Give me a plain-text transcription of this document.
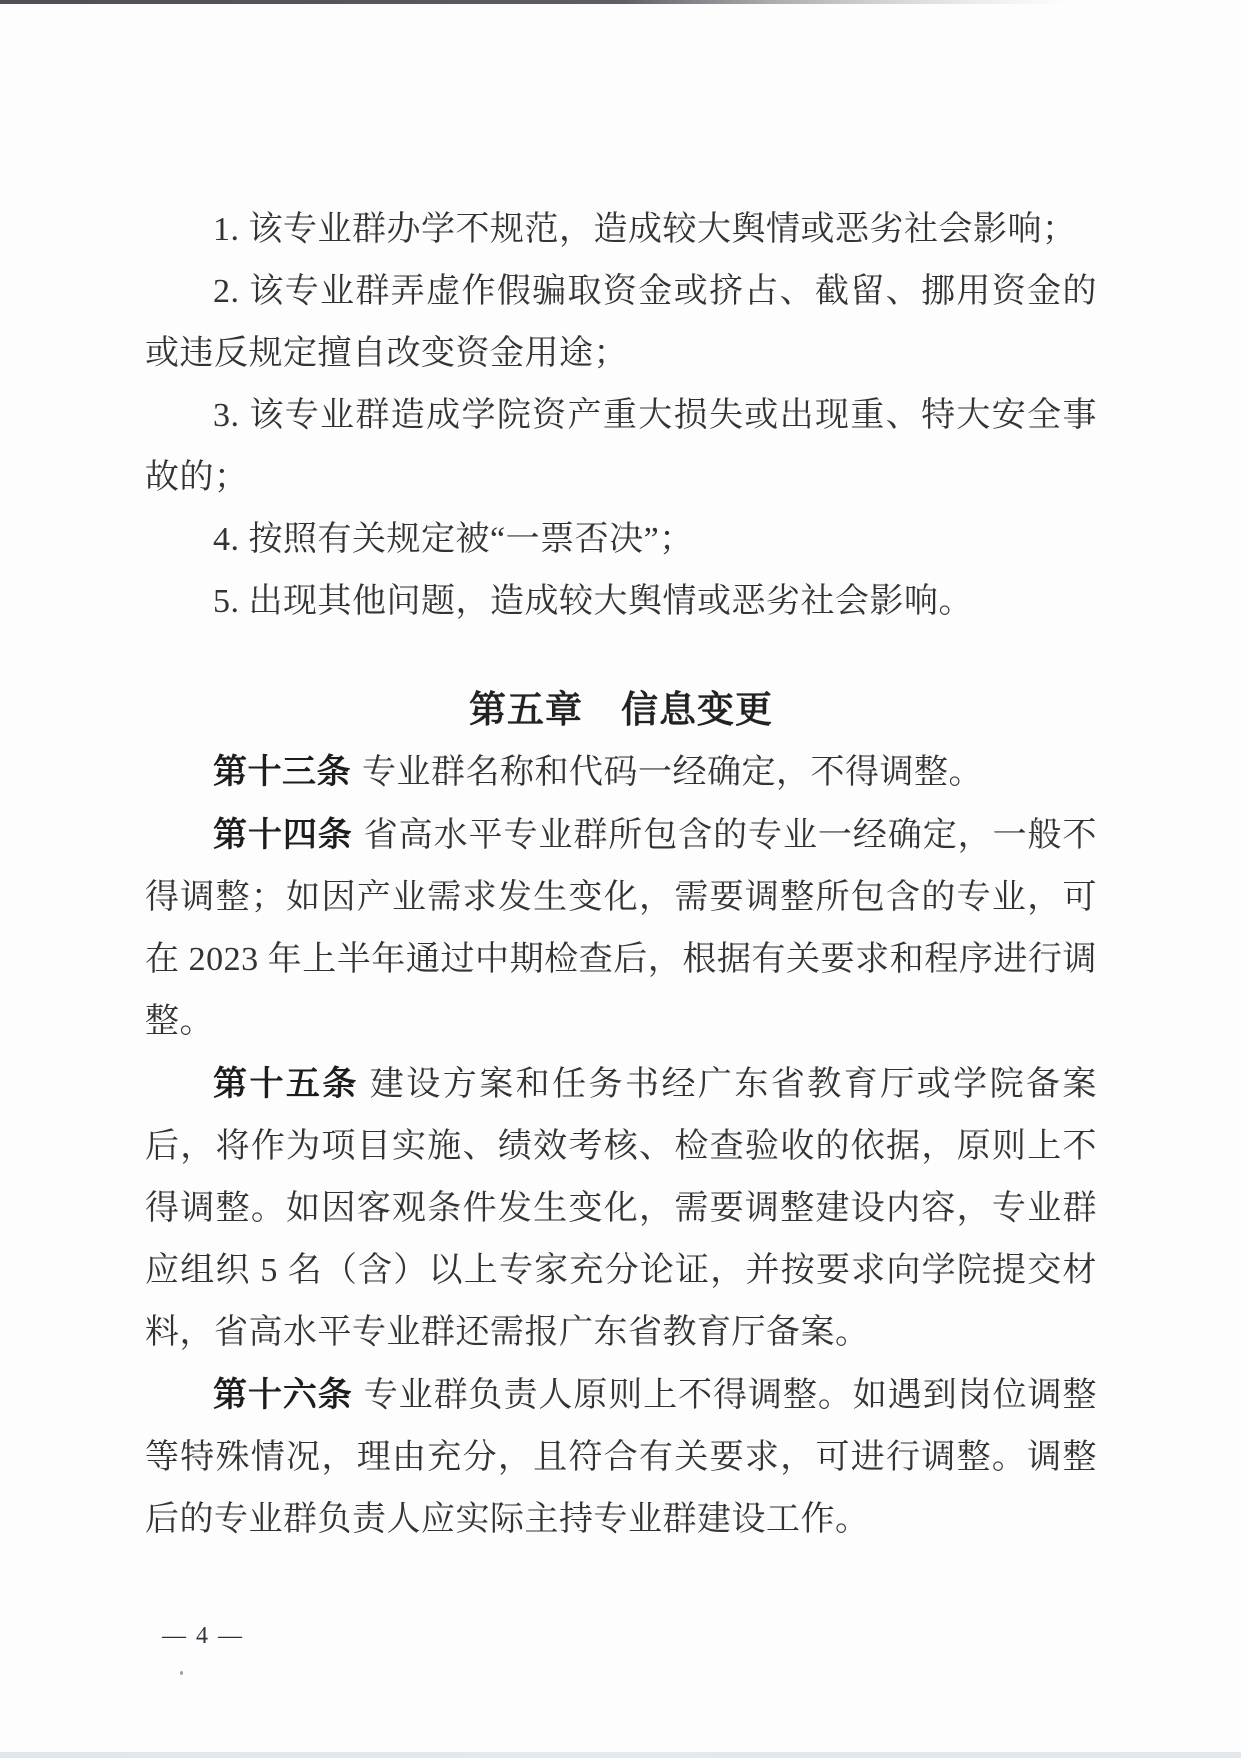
1. 该专业群办学不规范，造成较大舆情或恶劣社会影响；

2. 该专业群弄虚作假骗取资金或挤占、截留、挪用资金的或违反规定擅自改变资金用途；

3. 该专业群造成学院资产重大损失或出现重、特大安全事故的；

4. 按照有关规定被“一票否决”；

5. 出现其他问题，造成较大舆情或恶劣社会影响。

第五章　信息变更

第十三条 专业群名称和代码一经确定，不得调整。

第十四条 省高水平专业群所包含的专业一经确定，一般不得调整；如因产业需求发生变化，需要调整所包含的专业，可在 2023 年上半年通过中期检查后，根据有关要求和程序进行调整。

第十五条 建设方案和任务书经广东省教育厅或学院备案后，将作为项目实施、绩效考核、检查验收的依据，原则上不得调整。如因客观条件发生变化，需要调整建设内容，专业群应组织 5 名（含）以上专家充分论证，并按要求向学院提交材料，省高水平专业群还需报广东省教育厅备案。

第十六条 专业群负责人原则上不得调整。如遇到岗位调整等特殊情况，理由充分，且符合有关要求，可进行调整。调整后的专业群负责人应实际主持专业群建设工作。

— 4 —
